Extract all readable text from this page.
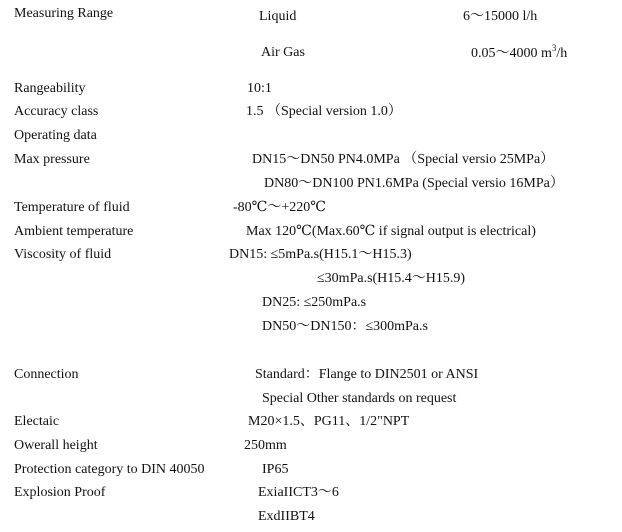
Measuring Range	Liquid	6～15000 l/h
Air Gas	0.05～4000 $m^3/h$
Rangeability	10:1
Accuracy class	1.5 （Special version 1.0）
Operating data
Max pressure	DN15～DN50 PN4.0MPa （Special versio 25MPa）
DN80～DN100 PN1.6MPa (Special versio 16MPa）
Temperature of fluid	-80℃～+220℃
Ambient temperature	Max 120℃(Max.60℃ if signal output is electrical)
Viscosity of fluid	DN15: ≤5mPa.s(H15.1～H15.3)
≤30mPa.s(H15.4～H15.9)
DN25: ≤250mPa.s
DN50～DN150：≤300mPa.s
Connection	Standard：Flange to DIN2501 or ANSI
Special Other standards on request
Electaic	M20×1.5、PG11、1/2"NPT
Owerall height	250mm
Protection category to DIN 40050	IP65
Explosion Proof	ExiaIICT3～6
ExdIIBT4
